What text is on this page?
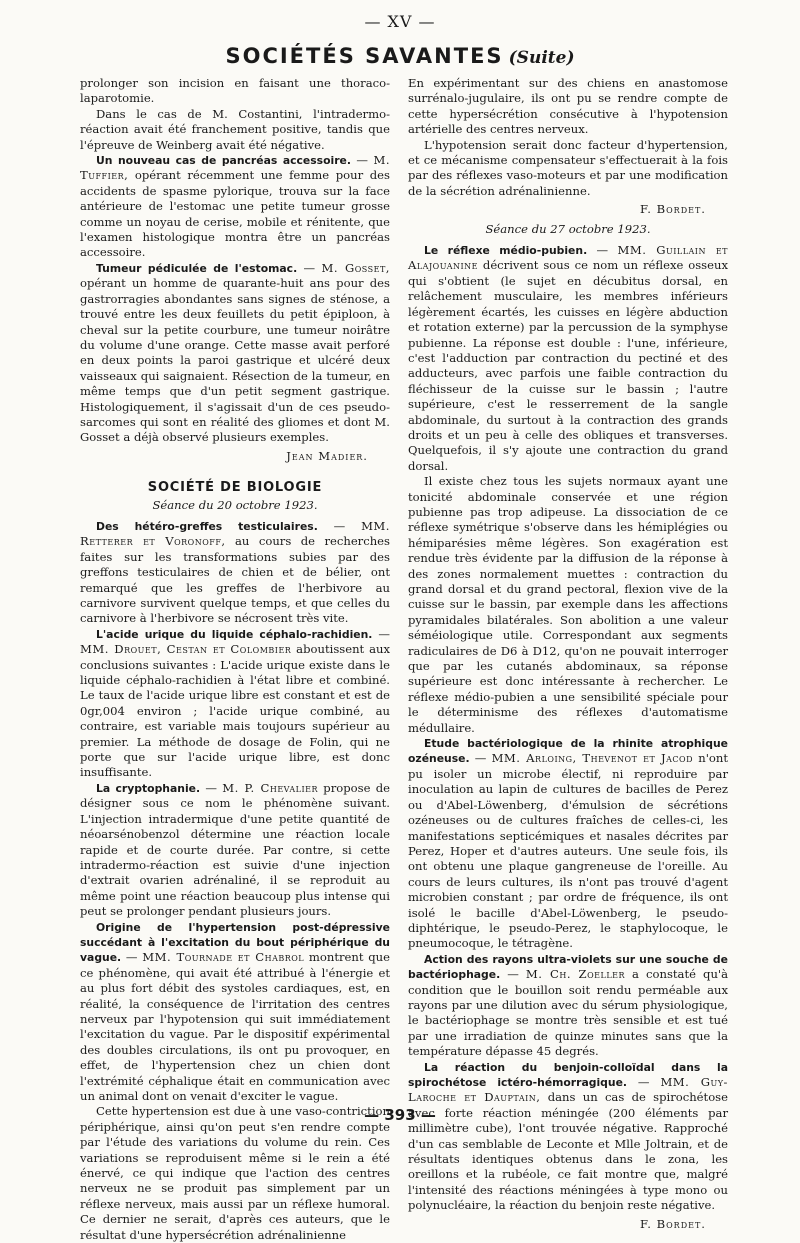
— XV —
SOCIÉTÉS SAVANTES (Suite)

prolonger son incision en faisant une thoraco-laparotomie.

Dans le cas de M. Costantini, l'intradermo-réaction avait été franchement positive, tandis que l'épreuve de Weinberg avait été négative.

Un nouveau cas de pancréas accessoire. — M. Tuffier, opérant récemment une femme pour des accidents de spasme pylorique, trouva sur la face antérieure de l'estomac une petite tumeur grosse comme un noyau de cerise, mobile et rénitente, que l'examen histologique montra être un pancréas accessoire.

Tumeur pédiculée de l'estomac. — M. Gosset, opérant un homme de quarante-huit ans pour des gastrorragies abondantes sans signes de sténose, a trouvé entre les deux feuillets du petit épiploon, à cheval sur la petite courbure, une tumeur noirâtre du volume d'une orange. Cette masse avait perforé en deux points la paroi gastrique et ulcéré deux vaisseaux qui saignaient. Résection de la tumeur, en même temps que d'un petit segment gastrique. Histologiquement, il s'agissait d'un de ces pseudo-sarcomes qui sont en réalité des gliomes et dont M. Gosset a déjà observé plusieurs exemples.

Jean Madier.

SOCIÉTÉ DE BIOLOGIE

Séance du 20 octobre 1923.

Des hétéro-greffes testiculaires. — MM. Retterer et Voronoff, au cours de recherches faites sur les transformations subies par des greffons testiculaires de chien et de bélier, ont remarqué que les greffes de l'herbivore au carnivore survivent quelque temps, et que celles du carnivore à l'herbivore se nécrosent très vite.

L'acide urique du liquide céphalo-rachidien. — MM. Drouet, Cestan et Colombier aboutissent aux conclusions suivantes : L'acide urique existe dans le liquide céphalo-rachidien à l'état libre et combiné. Le taux de l'acide urique libre est constant et est de 0gr,004 environ ; l'acide urique combiné, au contraire, est variable mais toujours supérieur au premier. La méthode de dosage de Folin, qui ne porte que sur l'acide urique libre, est donc insuffisante.

La cryptophanie. — M. P. Chevalier propose de désigner sous ce nom le phénomène suivant. L'injection intradermique d'une petite quantité de néoarsénobenzol détermine une réaction locale rapide et de courte durée. Par contre, si cette intradermo-réaction est suivie d'une injection d'extrait ovarien adrénaliné, il se reproduit au même point une réaction beaucoup plus intense qui peut se prolonger pendant plusieurs jours.

Origine de l'hypertension post-dépressive succédant à l'excitation du bout périphérique du vague. — MM. Tournade et Chabrol montrent que ce phénomène, qui avait été attribué à l'énergie et au plus fort débit des systoles cardiaques, est, en réalité, la conséquence de l'irritation des centres nerveux par l'hypotension qui suit immédiatement l'excitation du vague. Par le dispositif expérimental des doubles circulations, ils ont pu provoquer, en effet, de l'hypertension chez un chien dont l'extrémité céphalique était en communication avec un animal dont on venait d'exciter le vague.

Cette hypertension est due à une vaso-contriction périphérique, ainsi qu'on peut s'en rendre compte par l'étude des variations du volume du rein. Ces variations se reproduisent même si le rein a été énervé, ce qui indique que l'action des centres nerveux ne se produit pas simplement par un réflexe nerveux, mais aussi par un réflexe humoral. Ce dernier ne serait, d'après ces auteurs, que le résultat d'une hypersécrétion adrénalinienne

En expérimentant sur des chiens en anastomose surrénalo-jugulaire, ils ont pu se rendre compte de cette hypersécrétion consécutive à l'hypotension artérielle des centres nerveux.

L'hypotension serait donc facteur d'hypertension, et ce mécanisme compensateur s'effectuerait à la fois par des réflexes vaso-moteurs et par une modification de la sécrétion adrénalinienne.

F. Bordet.

Séance du 27 octobre 1923.

Le réflexe médio-pubien. — MM. Guillain et Alajouanine décrivent sous ce nom un réflexe osseux qui s'obtient (le sujet en décubitus dorsal, en relâchement musculaire, les membres inférieurs légèrement écartés, les cuisses en légère abduction et rotation externe) par la percussion de la symphyse pubienne. La réponse est double : l'une, inférieure, c'est l'adduction par contraction du pectiné et des adducteurs, avec parfois une faible contraction du fléchisseur de la cuisse sur le bassin ; l'autre supérieure, c'est le resserrement de la sangle abdominale, du surtout à la contraction des grands droits et un peu à celle des obliques et transverses. Quelquefois, il s'y ajoute une contraction du grand dorsal.

Il existe chez tous les sujets normaux ayant une tonicité abdominale conservée et une région pubienne pas trop adipeuse. La dissociation de ce réflexe symétrique s'observe dans les hémiplégies ou hémiparésies même légères. Son exagération est rendue très évidente par la diffusion de la réponse à des zones normalement muettes : contraction du grand dorsal et du grand pectoral, flexion vive de la cuisse sur le bassin, par exemple dans les affections pyramidales bilatérales. Son abolition a une valeur séméiologique utile. Correspondant aux segments radiculaires de D6 à D12, qu'on ne pouvait interroger que par les cutanés abdominaux, sa réponse supérieure est donc intéressante à rechercher. Le réflexe médio-pubien a une sensibilité spéciale pour le déterminisme des réflexes d'automatisme médullaire.

Etude bactériologique de la rhinite atrophique ozéneuse. — MM. Arloing, Thevenot et Jacod n'ont pu isoler un microbe électif, ni reproduire par inoculation au lapin de cultures de bacilles de Perez ou d'Abel-Löwenberg, d'émulsion de sécrétions ozéneuses ou de cultures fraîches de celles-ci, les manifestations septicémiques et nasales décrites par Perez, Hoper et d'autres auteurs. Une seule fois, ils ont obtenu une plaque gangreneuse de l'oreille. Au cours de leurs cultures, ils n'ont pas trouvé d'agent microbien constant ; par ordre de fréquence, ils ont isolé le bacille d'Abel-Löwenberg, le pseudo-diphtérique, le pseudo-Perez, le staphylocoque, le pneumocoque, le tétragène.

Action des rayons ultra-violets sur une souche de bactériophage. — M. Ch. Zoeller a constaté qu'à condition que le bouillon soit rendu perméable aux rayons par une dilution avec du sérum physiologique, le bactériophage se montre très sensible et est tué par une irradiation de quinze minutes sans que la température dépasse 45 degrés.

La réaction du benjoin-colloïdal dans la spirochétose ictéro-hémorragique. — MM. Guy-Laroche et Dauptain, dans un cas de spirochétose avec forte réaction méningée (200 éléments par millimètre cube), l'ont trouvée négative. Rapproché d'un cas semblable de Leconte et Mlle Joltrain, et de résultats identiques obtenus dans le zona, les oreillons et la rubéole, ce fait montre que, malgré l'intensité des réactions méningées à type mono ou polynucléaire, la réaction du benjoin reste négative.

F. Bordet.

— 393 —
